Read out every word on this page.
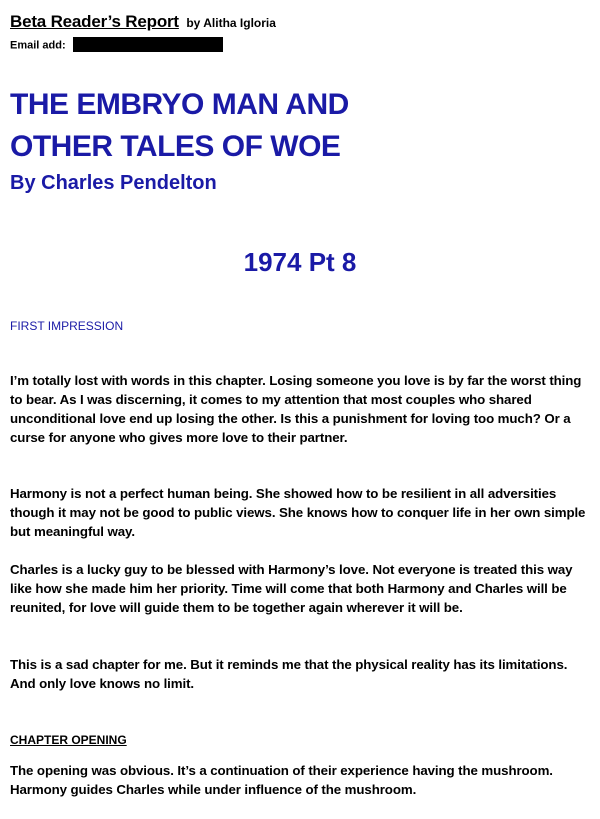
Beta Reader’s Report by Alitha Igloria
Email add:
THE EMBRYO MAN AND
OTHER TALES OF WOE
By Charles Pendelton
1974 Pt 8

FIRST IMPRESSION

I’m totally lost with words in this chapter. Losing someone you love is by far the worst thing to bear. As I was discerning, it comes to my attention that most couples who shared unconditional love end up losing the other. Is this a punishment for loving too much? Or a curse for anyone who gives more love to their partner.

Harmony is not a perfect human being. She showed how to be resilient in all adversities though it may not be good to public views. She knows how to conquer life in her own simple but meaningful way.

Charles is a lucky guy to be blessed with Harmony’s love. Not everyone is treated this way like how she made him her priority. Time will come that both Harmony and Charles will be reunited, for love will guide them to be together again wherever it will be.

This is a sad chapter for me. But it reminds me that the physical reality has its limitations. And only love knows no limit.

CHAPTER OPENING

The opening was obvious. It’s a continuation of their experience having the mushroom. Harmony guides Charles while under influence of the mushroom.
